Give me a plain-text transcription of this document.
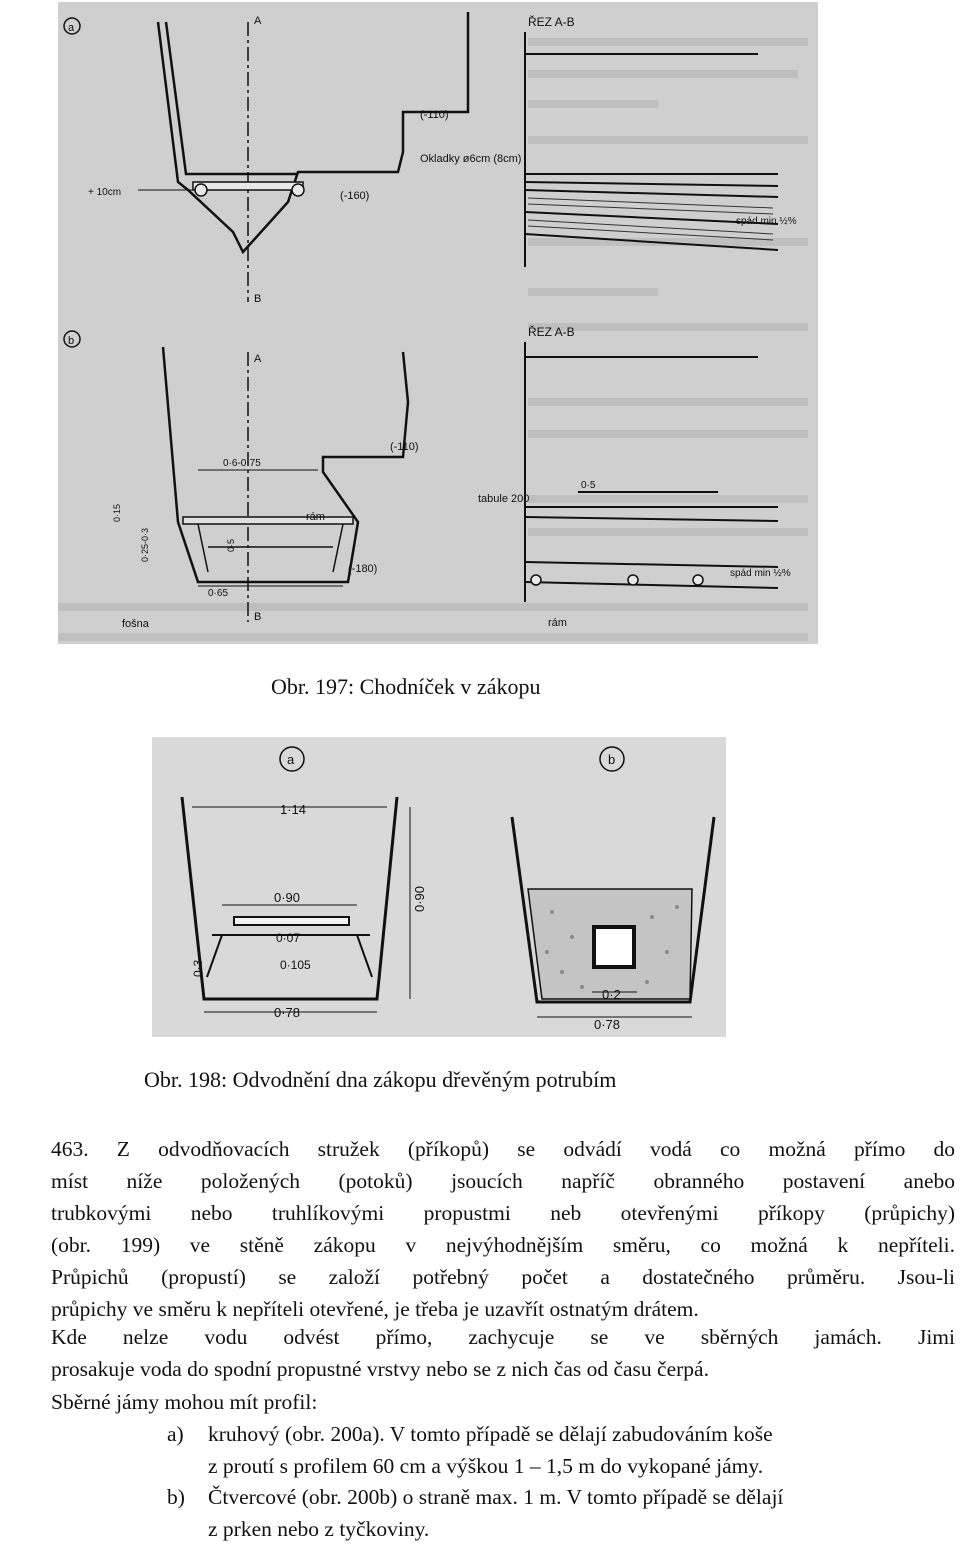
a
A
B
(-110)
(-160)
+ 10cm
Okladky ø6cm (8cm)
ŘEZ A-B
spád min ½%
b
A
B
(-110)
(-180)
0·6-0·75
rám
0·65
fošna
0·15
0·25-0·3	0·5
ŘEZ A-B
tabule 200
0·5
rám
spád min ½%
Obr. 197: Chodníček v zákopu
a
1·14
0·90	0·90
0·07
0·105
0·3
0·78
b
0·2
0·78
Obr. 198: Odvodnění dna zákopu dřevěným potrubím
463. Z odvodňovacích stružek (příkopů) se odvádí vodá co možná přímo do
míst níže položených (potoků) jsoucích napříč obranného postavení anebo
trubkovými nebo truhlíkovými propustmi neb otevřenými příkopy (průpichy)
(obr. 199) ve stěně zákopu v nejvýhodnějším směru, co možná k nepříteli.
Průpichů (propustí) se založí potřebný počet a dostatečného průměru. Jsou-li
průpichy ve směru k nepříteli otevřené, je třeba je uzavřít ostnatým drátem.
Kde nelze vodu odvést přímo, zachycuje se ve sběrných jamách. Jimi
prosakuje voda do spodní propustné vrstvy nebo se z nich čas od času čerpá.
Sběrné jámy mohou mít profil:
a) kruhový (obr. 200a). V tomto případě se dělají zabudováním koše
z proutí s profilem 60 cm a výškou 1 – 1,5 m do vykopané jámy.
b) Čtvercové (obr. 200b) o straně max. 1 m. V tomto případě se dělají
z prken nebo z tyčkoviny.
